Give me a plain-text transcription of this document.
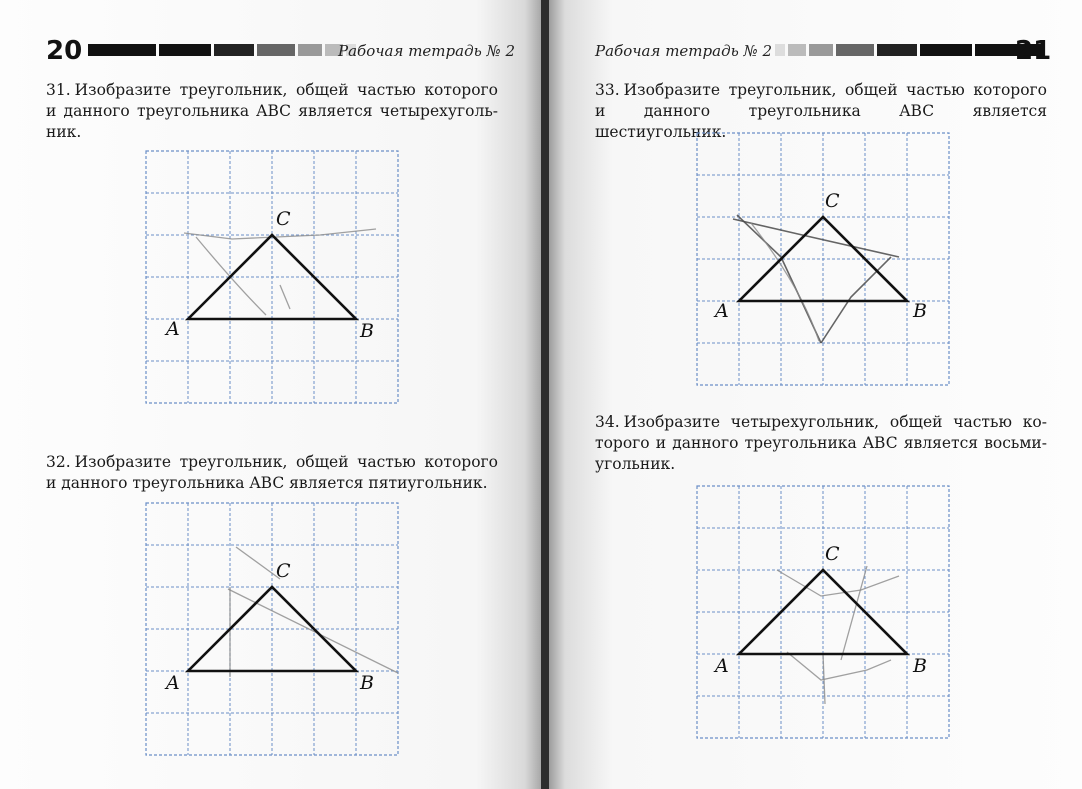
20	Рабочая тетрадь № 2
31. Изобразите треугольник, общей частью которого и данного треугольника ABC является четырехуголь-ник.
A
C
B
32. Изобразите треугольник, общей частью которого и данного треугольника ABC является пятиугольник.
A
C
B
Рабочая тетрадь № 2	21
33. Изобразите треугольник, общей частью которого и данного треугольника ABC является шестиугольник.
A
C
B
34. Изобразите четырехугольник, общей частью ко-торого и данного треугольника ABC является восьми-угольник.
A
C
B
